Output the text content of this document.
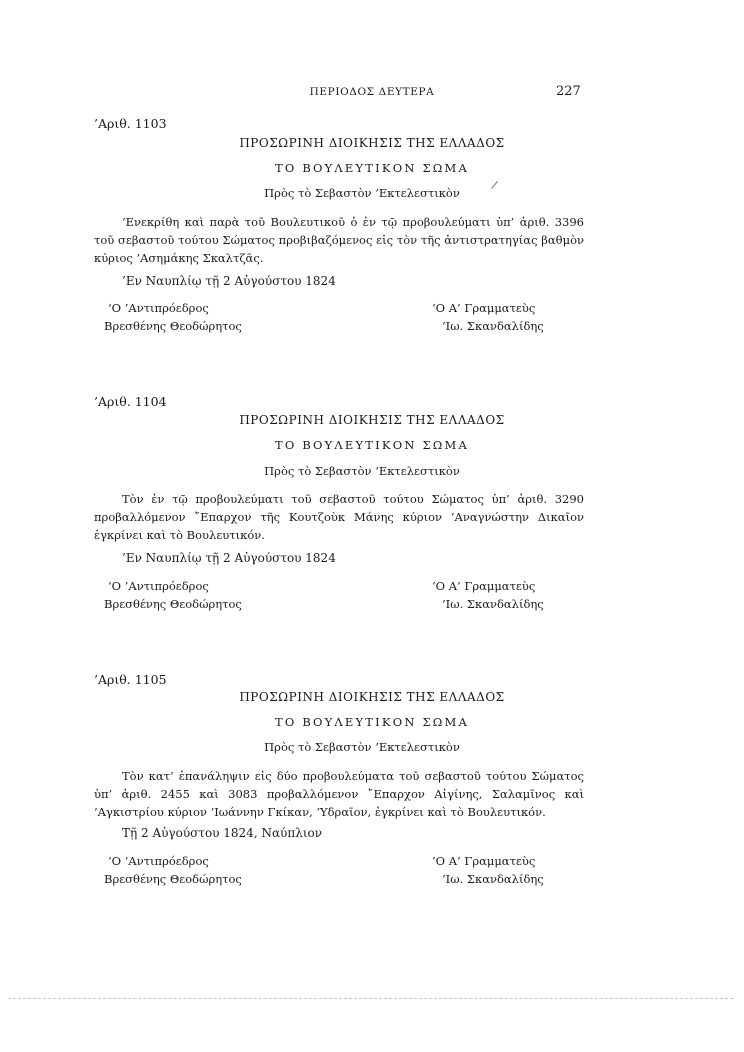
ΠΕΡΙΟΔΟΣ ΔΕΥΤΕΡΑ	227
’Αριθ. 1103
ΠΡΟΣΩΡΙΝΗ ΔΙΟΙΚΗΣΙΣ ΤΗΣ ΕΛΛΑΔΟΣ
ΤΟ ΒΟΥΛΕΥΤΙΚΟΝ ΣΩΜΑ
Πρὸς τὸ Σεβαστὸν ’Εκτελεστικὸν
’Ενεκρίθη καὶ παρὰ τοῦ Βουλευτικοῦ ὁ ἐν τῷ προβουλεύματι ὑπ’ ἀριθ. 3396 τοῦ σεβαστοῦ τούτου Σώματος προβιβαζόμενος εἰς τὸν τῆς ἀντιστρατηγίας βαθμὸν κύριος ’Ασημάκης Σκαλτζᾶς.
’Εν Ναυπλίῳ τῇ 2 Αὐγούστου 1824
‘Ο ’Αντιπρόεδρος
Βρεσθένης Θεοδώρητος
‘Ο Α’ Γραμματεὺς
’Ιω. Σκανδαλίδης
’Αριθ. 1104
ΠΡΟΣΩΡΙΝΗ ΔΙΟΙΚΗΣΙΣ ΤΗΣ ΕΛΛΑΔΟΣ
ΤΟ ΒΟΥΛΕΥΤΙΚΟΝ ΣΩΜΑ
Πρὸς τὸ Σεβαστὸν ’Εκτελεστικὸν
Τὸν ἐν τῷ προβουλεύματι τοῦ σεβαστοῦ τούτου Σώματος ὑπ’ ἀριθ. 3290 προβαλλόμενον ῎Επαρχον τῆς Κουτζοὺκ Μάνης κύριον ’Αναγνώστην Δικαῖον ἐγκρίνει καὶ τὸ Βουλευτικόν.
’Εν Ναυπλίῳ τῇ 2 Αὐγούστου 1824
‘Ο ’Αντιπρόεδρος
Βρεσθένης Θεοδώρητος
‘Ο Α’ Γραμματεὺς
’Ιω. Σκανδαλίδης
’Αριθ. 1105
ΠΡΟΣΩΡΙΝΗ ΔΙΟΙΚΗΣΙΣ ΤΗΣ ΕΛΛΑΔΟΣ
ΤΟ ΒΟΥΛΕΥΤΙΚΟΝ ΣΩΜΑ
Πρὸς τὸ Σεβαστὸν ’Εκτελεστικὸν
Τὸν κατ’ ἐπανάληψιν εἰς δύο προβουλεύματα τοῦ σεβαστοῦ τούτου Σώματος ὑπ’ ἀριθ. 2455 καὶ 3083 προβαλλόμενον ῎Επαρχον Αἰγίνης, Σαλαμῖνος καὶ ’Αγκιστρίου κύριον ’Ιωάννην Γκίκαν, ‘Υδραῖον, ἐγκρίνει καὶ τὸ Βουλευτικόν.
Τῇ 2 Αὐγούστου 1824, Ναύπλιον
‘Ο ’Αντιπρόεδρος
Βρεσθένης Θεοδώρητος
‘Ο Α’ Γραμματεὺς
’Ιω. Σκανδαλίδης
